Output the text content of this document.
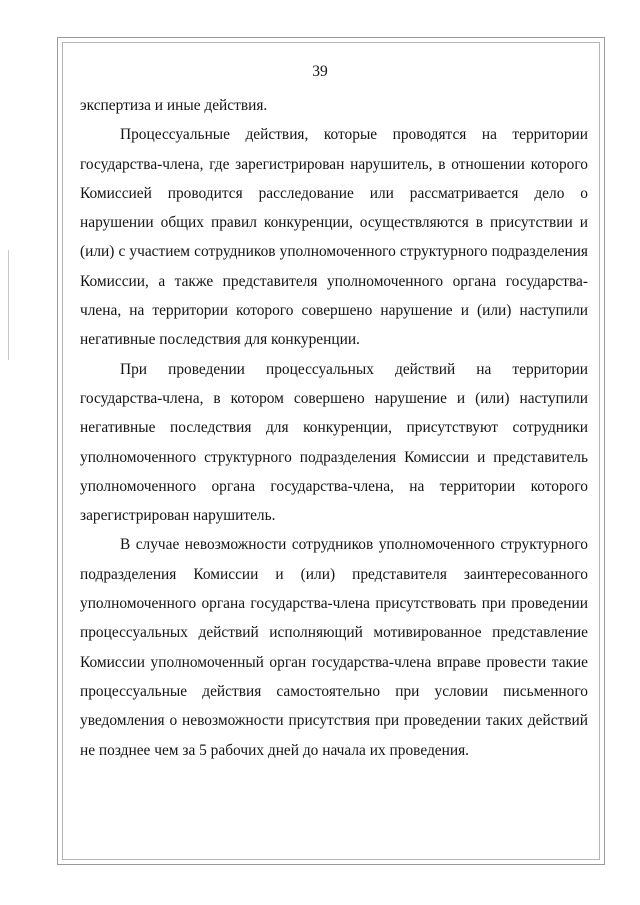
39

экспертиза и иные действия.

Процессуальные действия, которые проводятся на территории государства-члена, где зарегистрирован нарушитель, в отношении которого Комиссией проводится расследование или рассматривается дело о нарушении общих правил конкуренции, осуществляются в присутствии и (или) с участием сотрудников уполномоченного структурного подразделения Комиссии, а также представителя уполномоченного органа государства-члена, на территории которого совершено нарушение и (или) наступили негативные последствия для конкуренции.

При проведении процессуальных действий на территории государства-члена, в котором совершено нарушение и (или) наступили негативные последствия для конкуренции, присутствуют сотрудники уполномоченного структурного подразделения Комиссии и представитель уполномоченного органа государства-члена, на территории которого зарегистрирован нарушитель.

В случае невозможности сотрудников уполномоченного структурного подразделения Комиссии и (или) представителя заинтересованного уполномоченного органа государства-члена присутствовать при проведении процессуальных действий исполняющий мотивированное представление Комиссии уполномоченный орган государства-члена вправе провести такие процессуальные действия самостоятельно при условии письменного уведомления о невозможности присутствия при проведении таких действий не позднее чем за 5 рабочих дней до начала их проведения.
